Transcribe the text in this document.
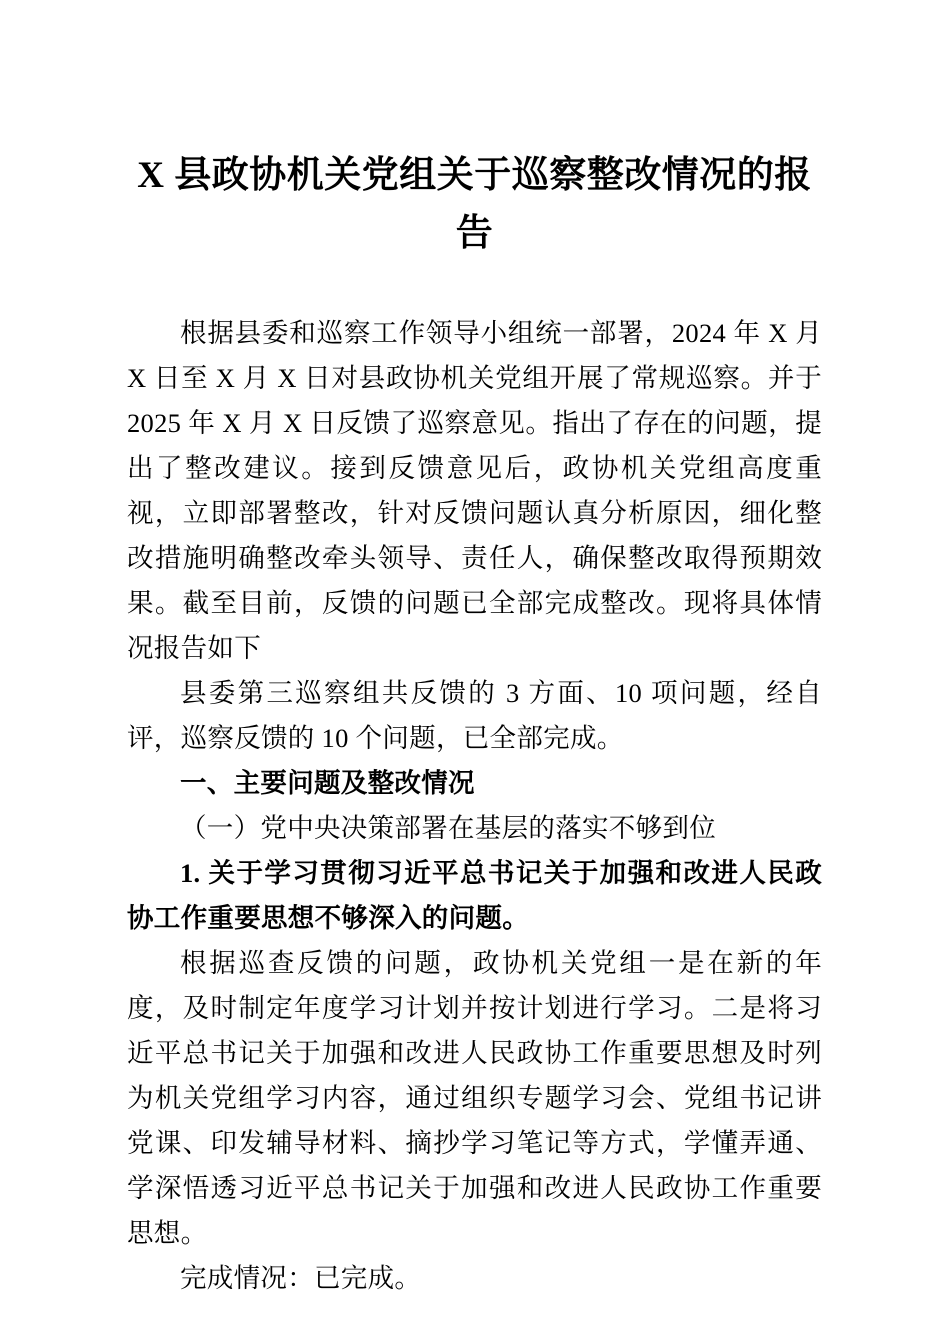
X 县政协机关党组关于巡察整改情况的报告

根据县委和巡察工作领导小组统一部署，2024 年 X 月 X 日至 X 月 X 日对县政协机关党组开展了常规巡察。并于 2025 年 X 月 X 日反馈了巡察意见。指出了存在的问题，提出了整改建议。接到反馈意见后，政协机关党组高度重视，立即部署整改，针对反馈问题认真分析原因，细化整改措施明确整改牵头领导、责任人，确保整改取得预期效果。截至目前，反馈的问题已全部完成整改。现将具体情况报告如下

县委第三巡察组共反馈的 3 方面、10 项问题，经自评，巡察反馈的 10 个问题，已全部完成。

一、主要问题及整改情况
（一）党中央决策部署在基层的落实不够到位
1. 关于学习贯彻习近平总书记关于加强和改进人民政协工作重要思想不够深入的问题。

根据巡查反馈的问题，政协机关党组一是在新的年度，及时制定年度学习计划并按计划进行学习。二是将习近平总书记关于加强和改进人民政协工作重要思想及时列为机关党组学习内容，通过组织专题学习会、党组书记讲党课、印发辅导材料、摘抄学习笔记等方式，学懂弄通、学深悟透习近平总书记关于加强和改进人民政协工作重要思想。

完成情况：已完成。
